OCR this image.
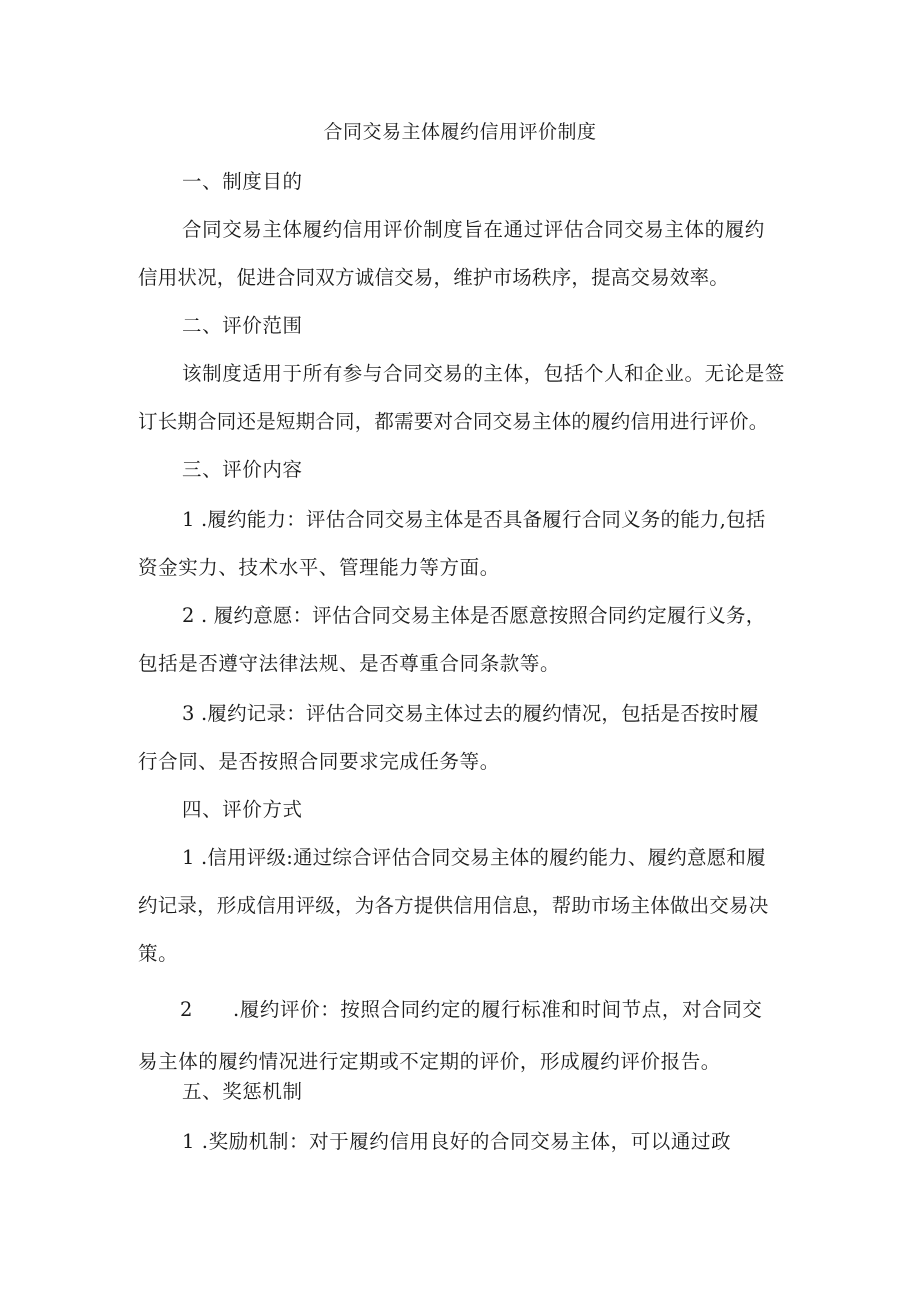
合同交易主体履约信用评价制度
一、制度目的
合同交易主体履约信用评价制度旨在通过评估合同交易主体的履约
信用状况，促进合同双方诚信交易，维护市场秩序，提高交易效率。
二、评价范围
该制度适用于所有参与合同交易的主体，包括个人和企业。无论是签
订长期合同还是短期合同，都需要对合同交易主体的履约信用进行评价。
三、评价内容
1 .履约能力：评估合同交易主体是否具备履行合同义务的能力,包括
资金实力、技术水平、管理能力等方面。
2 . 履约意愿：评估合同交易主体是否愿意按照合同约定履行义务，
包括是否遵守法律法规、是否尊重合同条款等。
3 .履约记录：评估合同交易主体过去的履约情况，包括是否按时履
行合同、是否按照合同要求完成任务等。
四、评价方式
1 .信用评级:通过综合评估合同交易主体的履约能力、履约意愿和履
约记录，形成信用评级，为各方提供信用信息，帮助市场主体做出交易决
策。
2 .履约评价：按照合同约定的履行标准和时间节点，对合同交
易主体的履约情况进行定期或不定期的评价，形成履约评价报告。
五、奖惩机制
1 .奖励机制：对于履约信用良好的合同交易主体，可以通过政
